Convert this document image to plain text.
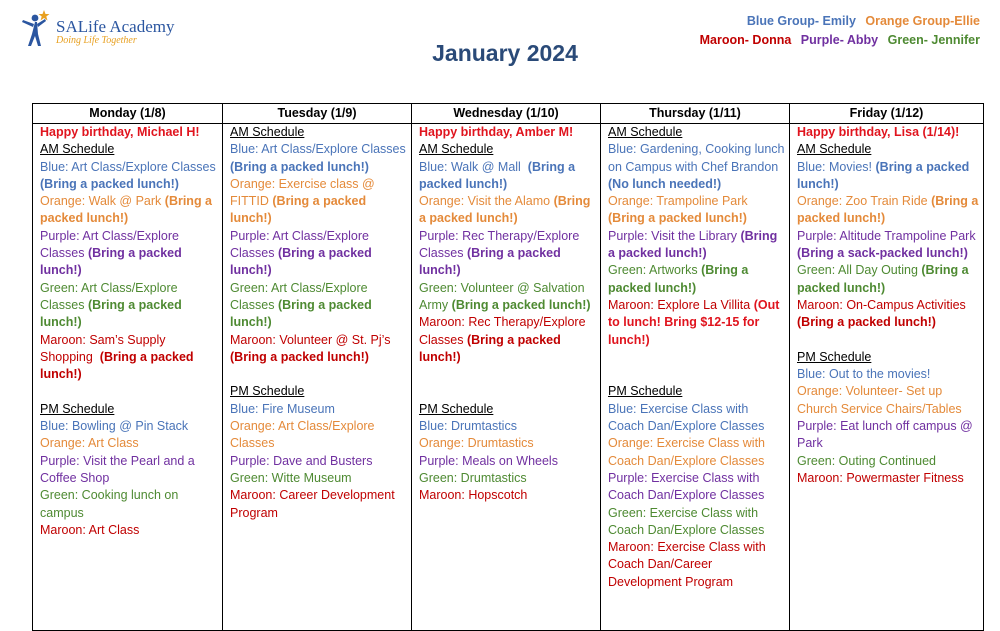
SALife Academy
Doing Life Together
Blue Group- Emily Orange Group-Ellie
Maroon- Donna Purple- Abby Green- Jennifer
January 2024
Monday (1/8)
Happy birthday, Michael H!
AM Schedule
Blue: Art Class/Explore Classes (Bring a packed lunch!)
Orange: Walk @ Park (Bring a packed lunch!)
Purple: Art Class/Explore Classes (Bring a packed lunch!)
Green: Art Class/Explore Classes (Bring a packed lunch!)
Maroon: Sam’s Supply Shopping (Bring a packed lunch!)
PM Schedule
Blue: Bowling @ Pin Stack
Orange: Art Class
Purple: Visit the Pearl and a Coffee Shop
Green: Cooking lunch on campus
Maroon: Art Class
Tuesday (1/9)
AM Schedule
Blue: Art Class/Explore Classes (Bring a packed lunch!)
Orange: Exercise class @ FITTID (Bring a packed lunch!)
Purple: Art Class/Explore Classes (Bring a packed lunch!)
Green: Art Class/Explore Classes (Bring a packed lunch!)
Maroon: Volunteer @ St. Pj’s (Bring a packed lunch!)
PM Schedule
Blue: Fire Museum
Orange: Art Class/Explore Classes
Purple: Dave and Busters
Green: Witte Museum
Maroon: Career Development Program
Wednesday (1/10)
Happy birthday, Amber M!
AM Schedule
Blue: Walk @ Mall (Bring a packed lunch!)
Orange: Visit the Alamo (Bring a packed lunch!)
Purple: Rec Therapy/Explore Classes (Bring a packed lunch!)
Green: Volunteer @ Salvation Army (Bring a packed lunch!)
Maroon: Rec Therapy/Explore Classes (Bring a packed lunch!)
PM Schedule
Blue: Drumtastics
Orange: Drumtastics
Purple: Meals on Wheels
Green: Drumtastics
Maroon: Hopscotch
Thursday (1/11)
AM Schedule
Blue: Gardening, Cooking lunch on Campus with Chef Brandon (No lunch needed!)
Orange: Trampoline Park (Bring a packed lunch!)
Purple: Visit the Library (Bring a packed lunch!)
Green: Artworks (Bring a packed lunch!)
Maroon: Explore La Villita (Out to lunch! Bring $12-15 for lunch!)
PM Schedule
Blue: Exercise Class with Coach Dan/Explore Classes
Orange: Exercise Class with Coach Dan/Explore Classes
Purple: Exercise Class with Coach Dan/Explore Classes
Green: Exercise Class with Coach Dan/Explore Classes
Maroon: Exercise Class with Coach Dan/Career Development Program
Friday (1/12)
Happy birthday, Lisa (1/14)!
AM Schedule
Blue: Movies! (Bring a packed lunch!)
Orange: Zoo Train Ride (Bring a packed lunch!)
Purple: Altitude Trampoline Park (Bring a sack-packed lunch!)
Green: All Day Outing (Bring a packed lunch!)
Maroon: On-Campus Activities (Bring a packed lunch!)
PM Schedule
Blue: Out to the movies!
Orange: Volunteer- Set up Church Service Chairs/Tables
Purple: Eat lunch off campus @ Park
Green: Outing Continued
Maroon: Powermaster Fitness
